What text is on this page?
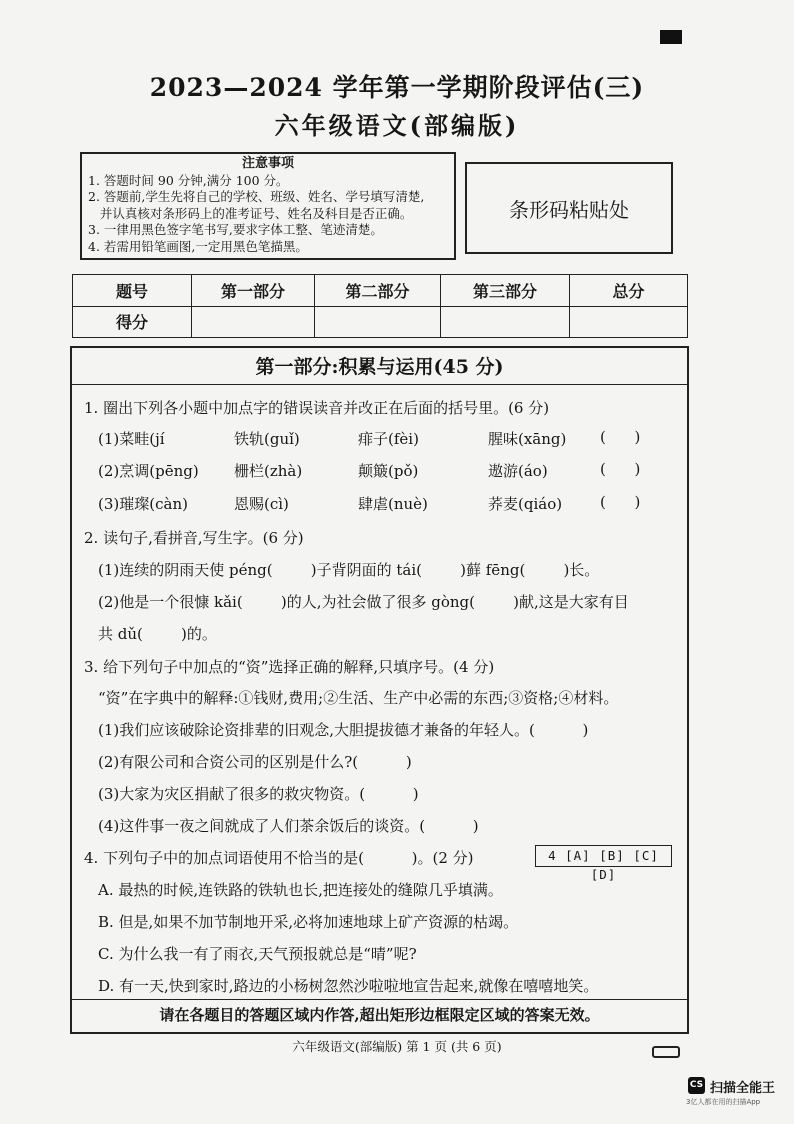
2023—2024 学年第一学期阶段评估(三)
六年级语文(部编版)
注意事项
1. 答题时间 90 分钟,满分 100 分。
2. 答题前,学生先将自己的学校、班级、姓名、学号填写清楚,
并认真核对条形码上的准考证号、姓名及科目是否正确。
3. 一律用黑色签字笔书写,要求字体工整、笔迹清楚。
4. 若需用铅笔画图,一定用黑色笔描黑。
条形码粘贴处
题号	第一部分	第二部分	第三部分	总分
得分				
第一部分:积累与运用(45 分)
1. 圈出下列各小题中加点字的错误读音并改正在后面的括号里。(6 分)
(1)菜畦(jí	铁轨(guǐ)	痱子(fèi)	腥味(xāng) (      )
(2)烹调(pēng) 栅栏(zhà)	颠簸(pǒ)	遨游(áo)	(      )
(3)璀璨(càn)	恩赐(cì)	肆虐(nuè)	荞麦(qiáo)	(      )
2. 读句子,看拼音,写生字。(6 分)
(1)连续的阴雨天使 péng(        )子背阴面的 tái(        )藓 fēng(        )长。
(2)他是一个很慷 kǎi(        )的人,为社会做了很多 gòng(        )献,这是大家有目
共 dǔ(        )的。
3. 给下列句子中加点的“资”选择正确的解释,只填序号。(4 分)
“资”在字典中的解释:①钱财,费用;②生活、生产中必需的东西;③资格;④材料。
(1)我们应该破除论资排辈的旧观念,大胆提拔德才兼备的年轻人。(          )
(2)有限公司和合资公司的区别是什么?(          )
(3)大家为灾区捐献了很多的救灾物资。(          )
(4)这件事一夜之间就成了人们茶余饭后的谈资。(          )
4. 下列句子中的加点词语使用不恰当的是(          )。(2 分)	4 [A] [B] [C] [D]
A. 最热的时候,连铁路的铁轨也长,把连接处的缝隙几乎填满。
B. 但是,如果不加节制地开采,必将加速地球上矿产资源的枯竭。
C. 为什么我一有了雨衣,天气预报就总是“晴”呢?
D. 有一天,快到家时,路边的小杨树忽然沙啦啦地宣告起来,就像在嘻嘻地笑。
请在各题目的答题区域内作答,超出矩形边框限定区域的答案无效。
六年级语文(部编版) 第 1 页 (共 6 页)
CS 扫描全能王
3亿人都在用的扫描App
